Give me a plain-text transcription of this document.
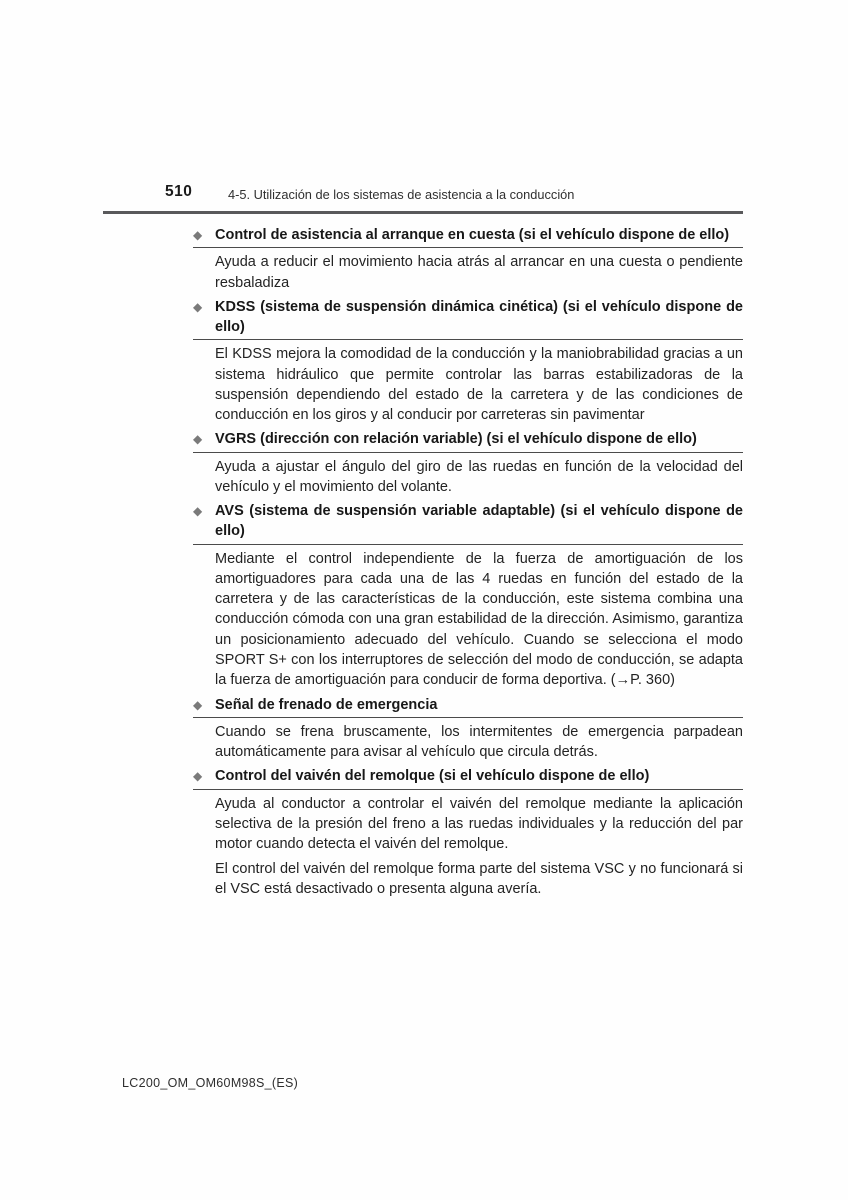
510	4-5. Utilización de los sistemas de asistencia a la conducción
◆ Control de asistencia al arranque en cuesta (si el vehículo dispone de ello)

Ayuda a reducir el movimiento hacia atrás al arrancar en una cuesta o pendiente resbaladiza

◆ KDSS (sistema de suspensión dinámica cinética) (si el vehículo dispone de ello)

El KDSS mejora la comodidad de la conducción y la maniobrabilidad gracias a un sistema hidráulico que permite controlar las barras estabilizadoras de la suspensión dependiendo del estado de la carretera y de las condiciones de conducción en los giros y al conducir por carreteras sin pavimentar

◆ VGRS (dirección con relación variable) (si el vehículo dispone de ello)

Ayuda a ajustar el ángulo del giro de las ruedas en función de la velocidad del vehículo y el movimiento del volante.

◆ AVS (sistema de suspensión variable adaptable) (si el vehículo dispone de ello)

Mediante el control independiente de la fuerza de amortiguación de los amortiguadores para cada una de las 4 ruedas en función del estado de la carretera y de las características de la conducción, este sistema combina una conducción cómoda con una gran estabilidad de la dirección. Asimismo, garantiza un posicionamiento adecuado del vehículo. Cuando se selecciona el modo SPORT S+ con los interruptores de selección del modo de conducción, se adapta la fuerza de amortiguación para conducir de forma deportiva. (→P. 360)

◆ Señal de frenado de emergencia

Cuando se frena bruscamente, los intermitentes de emergencia parpadean automáticamente para avisar al vehículo que circula detrás.

◆ Control del vaivén del remolque (si el vehículo dispone de ello)

Ayuda al conductor a controlar el vaivén del remolque mediante la aplicación selectiva de la presión del freno a las ruedas individuales y la reducción del par motor cuando detecta el vaivén del remolque.

El control del vaivén del remolque forma parte del sistema VSC y no funcionará si el VSC está desactivado o presenta alguna avería.

LC200_OM_OM60M98S_(ES)
